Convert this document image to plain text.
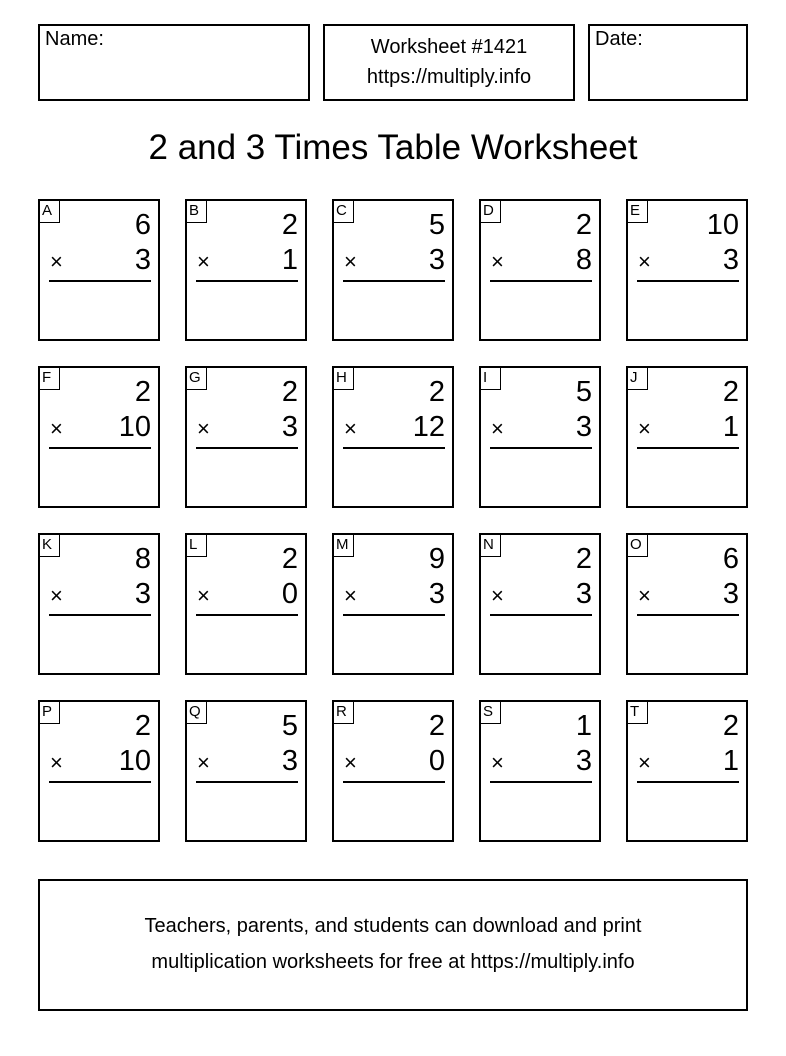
Name:	Worksheet #1421
https://multiply.info
Date:
2 and 3 Times Table Worksheet
A	6
× 3
B	2
× 1
C	5
× 3
D	2
× 8
E 10
× 3
F	2
× 10
G	2
× 3
H	2
× 12
I	5
× 3
J	2
× 1
K	8
× 3
L	2
× 0
M	9
× 3
N	2
× 3
O	6
× 3
P	2
× 10
Q	5
× 3
R	2
× 0
S	1
× 3
T	2
× 1
Teachers, parents, and students can download and print
multiplication worksheets for free at https://multiply.info
